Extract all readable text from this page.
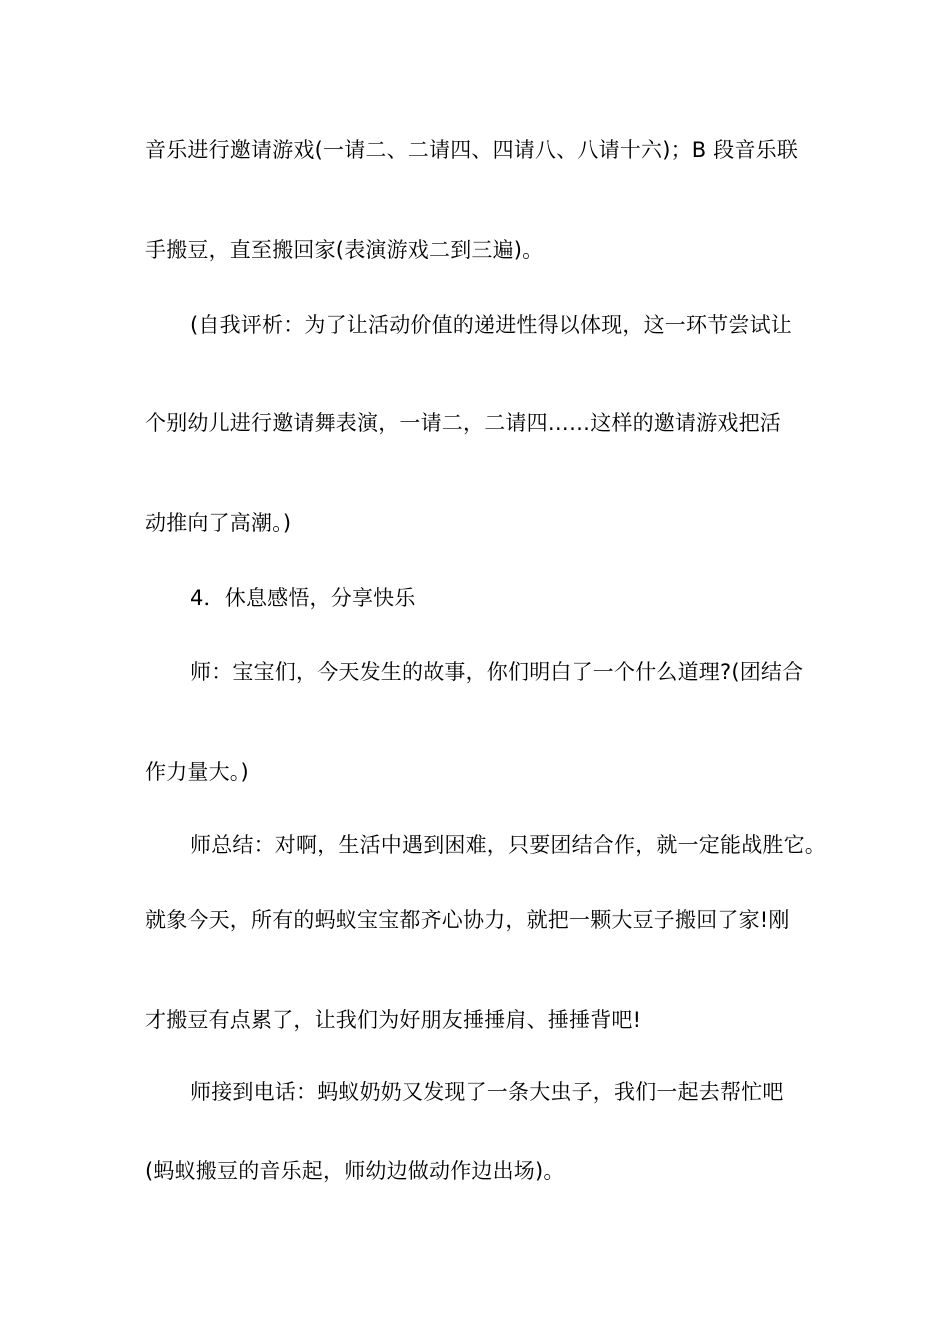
音乐进行邀请游戏(一请二、二请四、四请八、八请十六)；B 段音乐联
手搬豆，直至搬回家(表演游戏二到三遍)。
(自我评析：为了让活动价值的递进性得以体现，这一环节尝试让
个别幼儿进行邀请舞表演，一请二，二请四……这样的邀请游戏把活
动推向了高潮。)
4．休息感悟，分享快乐
师：宝宝们，今天发生的故事，你们明白了一个什么道理?(团结合
作力量大。)
师总结：对啊，生活中遇到困难，只要团结合作，就一定能战胜它。
就象今天，所有的蚂蚁宝宝都齐心协力，就把一颗大豆子搬回了家!刚
才搬豆有点累了，让我们为好朋友捶捶肩、捶捶背吧!
师接到电话：蚂蚁奶奶又发现了一条大虫子，我们一起去帮忙吧
(蚂蚁搬豆的音乐起，师幼边做动作边出场)。
